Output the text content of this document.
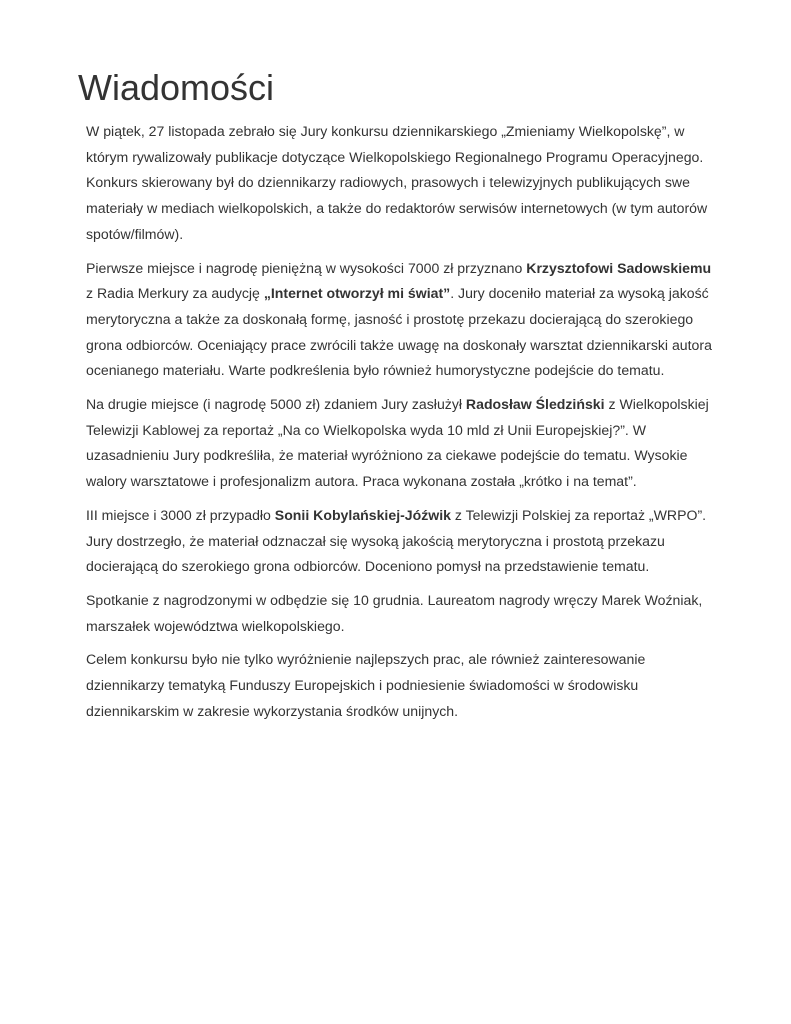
Wiadomości

W piątek, 27 listopada zebrało się Jury konkursu dziennikarskiego „Zmieniamy Wielkopolskę”, w
którym rywalizowały publikacje dotyczące Wielkopolskiego Regionalnego Programu Operacyjnego.
Konkurs skierowany był do dziennikarzy radiowych, prasowych i telewizyjnych publikujących swe
materiały w mediach wielkopolskich, a także do redaktorów serwisów internetowych (w tym autorów
spotów/filmów).

Pierwsze miejsce i nagrodę pieniężną w wysokości 7000 zł przyznano Krzysztofowi Sadowskiemu
z Radia Merkury za audycję „Internet otworzył mi świat”. Jury doceniło materiał za wysoką jakość
merytoryczna a także za doskonałą formę, jasność i prostotę przekazu docierającą do szerokiego
grona odbiorców. Oceniający prace zwrócili także uwagę na doskonały warsztat dziennikarski autora
ocenianego materiału. Warte podkreślenia było również humorystyczne podejście do tematu.

Na drugie miejsce (i nagrodę 5000 zł) zdaniem Jury zasłużył Radosław Śledziński z Wielkopolskiej
Telewizji Kablowej za reportaż „Na co Wielkopolska wyda 10 mld zł Unii Europejskiej?”. W
uzasadnieniu Jury podkreśliła, że materiał wyróżniono za ciekawe podejście do tematu. Wysokie
walory warsztatowe i profesjonalizm autora. Praca wykonana została „krótko i na temat”.

III miejsce i 3000 zł przypadło Sonii Kobylańskiej-Jóźwik z Telewizji Polskiej za reportaż „WRPO”.
Jury dostrzegło, że materiał odznaczał się wysoką jakością merytoryczna i prostotą przekazu
docierającą do szerokiego grona odbiorców. Doceniono pomysł na przedstawienie tematu.

Spotkanie z nagrodzonymi w odbędzie się 10 grudnia. Laureatom nagrody wręczy Marek Woźniak,
marszałek województwa wielkopolskiego.

Celem konkursu było nie tylko wyróżnienie najlepszych prac, ale również zainteresowanie
dziennikarzy tematyką Funduszy Europejskich i podniesienie świadomości w środowisku
dziennikarskim w zakresie wykorzystania środków unijnych.
